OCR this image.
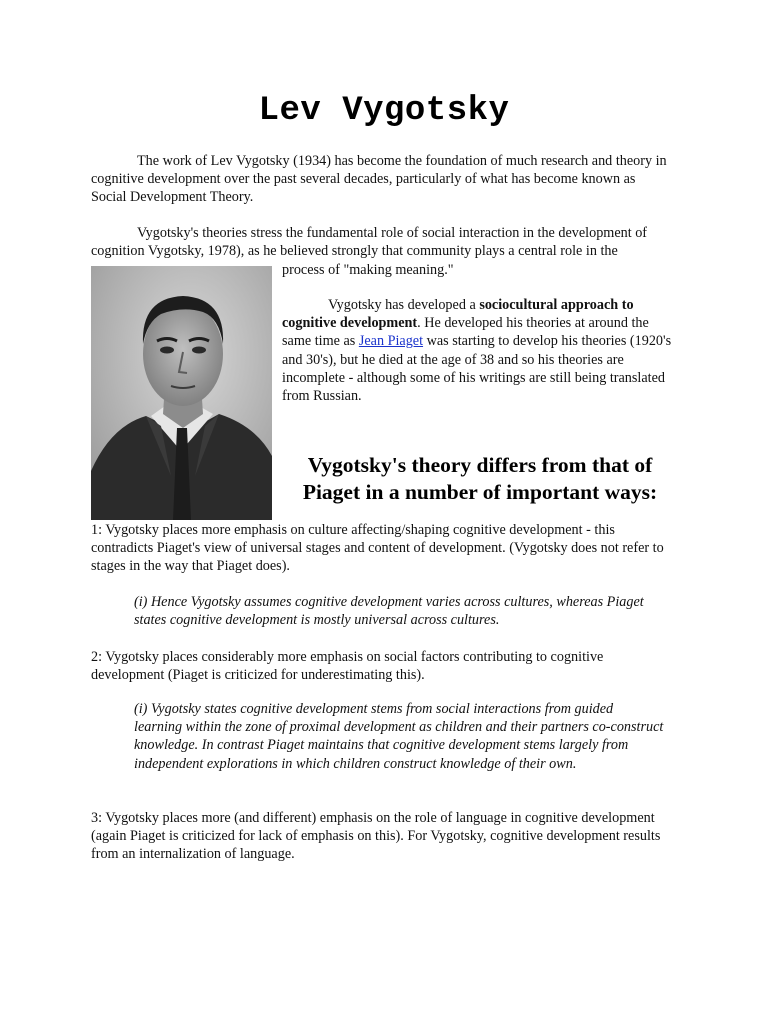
Lev Vygotsky

The work of Lev Vygotsky (1934) has become the foundation of much research and theory in cognitive development over the past several decades, particularly of what has become known as Social Development Theory.

Vygotsky's theories stress the fundamental role of social interaction in the development of cognition Vygotsky, 1978), as he believed strongly that community plays a central role in the

process of "making meaning."

Vygotsky has developed a sociocultural approach to cognitive development. He developed his theories at around the same time as Jean Piaget was starting to develop his theories (1920's and 30's), but he died at the age of 38 and so his theories are incomplete - although some of his writings are still being translated from Russian.

Vygotsky's theory differs from that of Piaget in a number of important ways:

1: Vygotsky places more emphasis on culture affecting/shaping cognitive development - this contradicts Piaget's view of universal stages and content of development. (Vygotsky does not refer to stages in the way that Piaget does).

(i) Hence Vygotsky assumes cognitive development varies across cultures, whereas Piaget states cognitive development is mostly universal across cultures.

2: Vygotsky places considerably more emphasis on social factors contributing to cognitive development (Piaget is criticized for underestimating this).

(i) Vygotsky states cognitive development stems from social interactions from guided learning within the zone of proximal development as children and their partners co-construct knowledge. In contrast Piaget maintains that cognitive development stems largely from independent explorations in which children construct knowledge of their own.

3: Vygotsky places more (and different) emphasis on the role of language in cognitive development (again Piaget is criticized for lack of emphasis on this). For Vygotsky, cognitive development results from an internalization of language.
